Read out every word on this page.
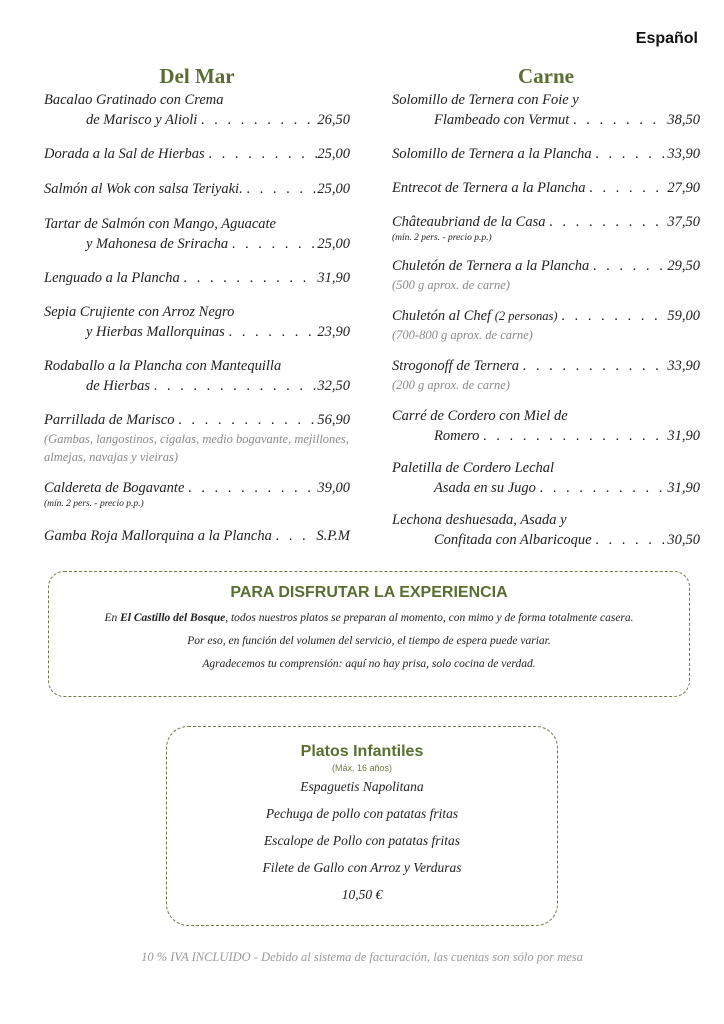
Español
Del Mar
Bacalao Gratinado con Crema
de Marisco y Alioli . . .	26,50
Dorada a la Sal de Hierbas . . .	25,00
Salmón al Wok con salsa Teriyaki. . . .	25,00
Tartar de Salmón con Mango, Aguacate
y Mahonesa de Sriracha . . .	25,00
Lenguado a la Plancha . . .	31,90
Sepia Crujiente con Arroz Negro
y Hierbas Mallorquinas . . .	23,90
Rodaballo a la Plancha con Mantequilla
de Hierbas . . .	32,50
Parrillada de Marisco . . .	56,90
(Gambas, langostinos, cigalas, medio bogavante, mejillones, almejas, navajas y vieiras)
Caldereta de Bogavante . . .	39,00
(mín. 2 pers. - precio p.p.)
Gamba Roja Mallorquina a la Plancha . . .	S.P.M
Carne
Solomillo de Ternera con Foie y
Flambeado con Vermut . . .	38,50
Solomillo de Ternera a la Plancha . . .	33,90
Entrecot de Ternera a la Plancha . . .	27,90
Châteaubriand de la Casa . . .	37,50
(mín. 2 pers. - precio p.p.)
Chuletón de Ternera a la Plancha . . .	29,50
(500 g aprox. de carne)
Chuletón al Chef (2 personas) . . .	59,00
(700-800 g aprox. de carne)
Strogonoff de Ternera . . .	33,90
(200 g aprox. de carne)
Carré de Cordero con Miel de
Romero . . .	31,90
Paletilla de Cordero Lechal
Asada en su Jugo . . .	31,90
Lechona deshuesada, Asada y
Confitada con Albaricoque . . .	30,50
PARA DISFRUTAR LA EXPERIENCIA

En El Castillo del Bosque, todos nuestros platos se preparan al momento, con mimo y de forma totalmente casera.

Por eso, en función del volumen del servicio, el tiempo de espera puede variar.

Agradecemos tu comprensión: aquí no hay prisa, solo cocina de verdad.

Platos Infantiles
(Máx. 16 años)
Espaguetis Napolitana
Pechuga de pollo con patatas fritas
Escalope de Pollo con patatas fritas
Filete de Gallo con Arroz y Verduras
10,50 €
10 % IVA INCLUIDO - Debido al sistema de facturación, las cuentas son sólo por mesa
